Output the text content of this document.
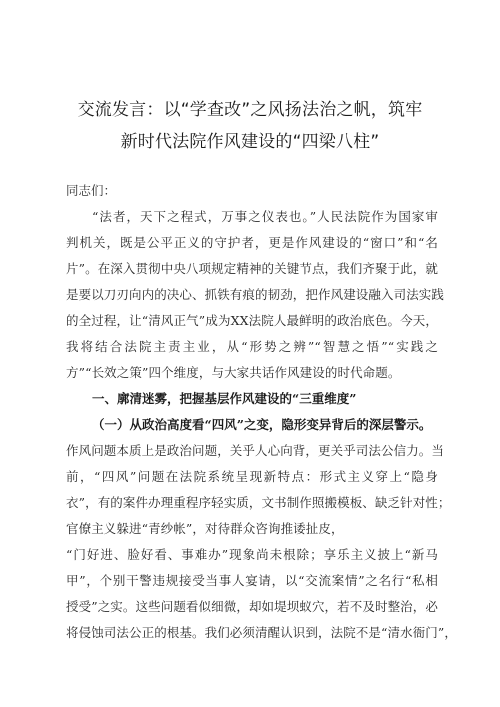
交流发言：以“学查改”之风扬法治之帆，筑牢
新时代法院作风建设的“四梁八柱”
同志们：
“法者，天下之程式，万事之仪表也。”人民法院作为国家审
判机关，既是公平正义的守护者，更是作风建设的“窗口”和“名
片”。在深入贯彻中央八项规定精神的关键节点，我们齐聚于此，就
是要以刀刃向内的决心、抓铁有痕的韧劲，把作风建设融入司法实践
的全过程，让“清风正气”成为XX法院人最鲜明的政治底色。今天，
我将结合法院主责主业，从“形势之辨”“智慧之悟”“实践之
方”“长效之策”四个维度，与大家共话作风建设的时代命题。
一、廓清迷雾，把握基层作风建设的“三重维度”
（一）从政治高度看“四风”之变，隐形变异背后的深层警示。
作风问题本质上是政治问题，关乎人心向背，更关乎司法公信力。当
前，“四风”问题在法院系统呈现新特点：形式主义穿上“隐身
衣”，有的案件办理重程序轻实质，文书制作照搬模板、缺乏针对性；
官僚主义躲进“青纱帐”，对待群众咨询推诿扯皮，
“门好进、脸好看、事难办”现象尚未根除；享乐主义披上“新马
甲”，个别干警违规接受当事人宴请，以“交流案情”之名行“私相
授受”之实。这些问题看似细微，却如堤坝蚁穴，若不及时整治，必
将侵蚀司法公正的根基。我们必须清醒认识到，法院不是“清水衙门”，
